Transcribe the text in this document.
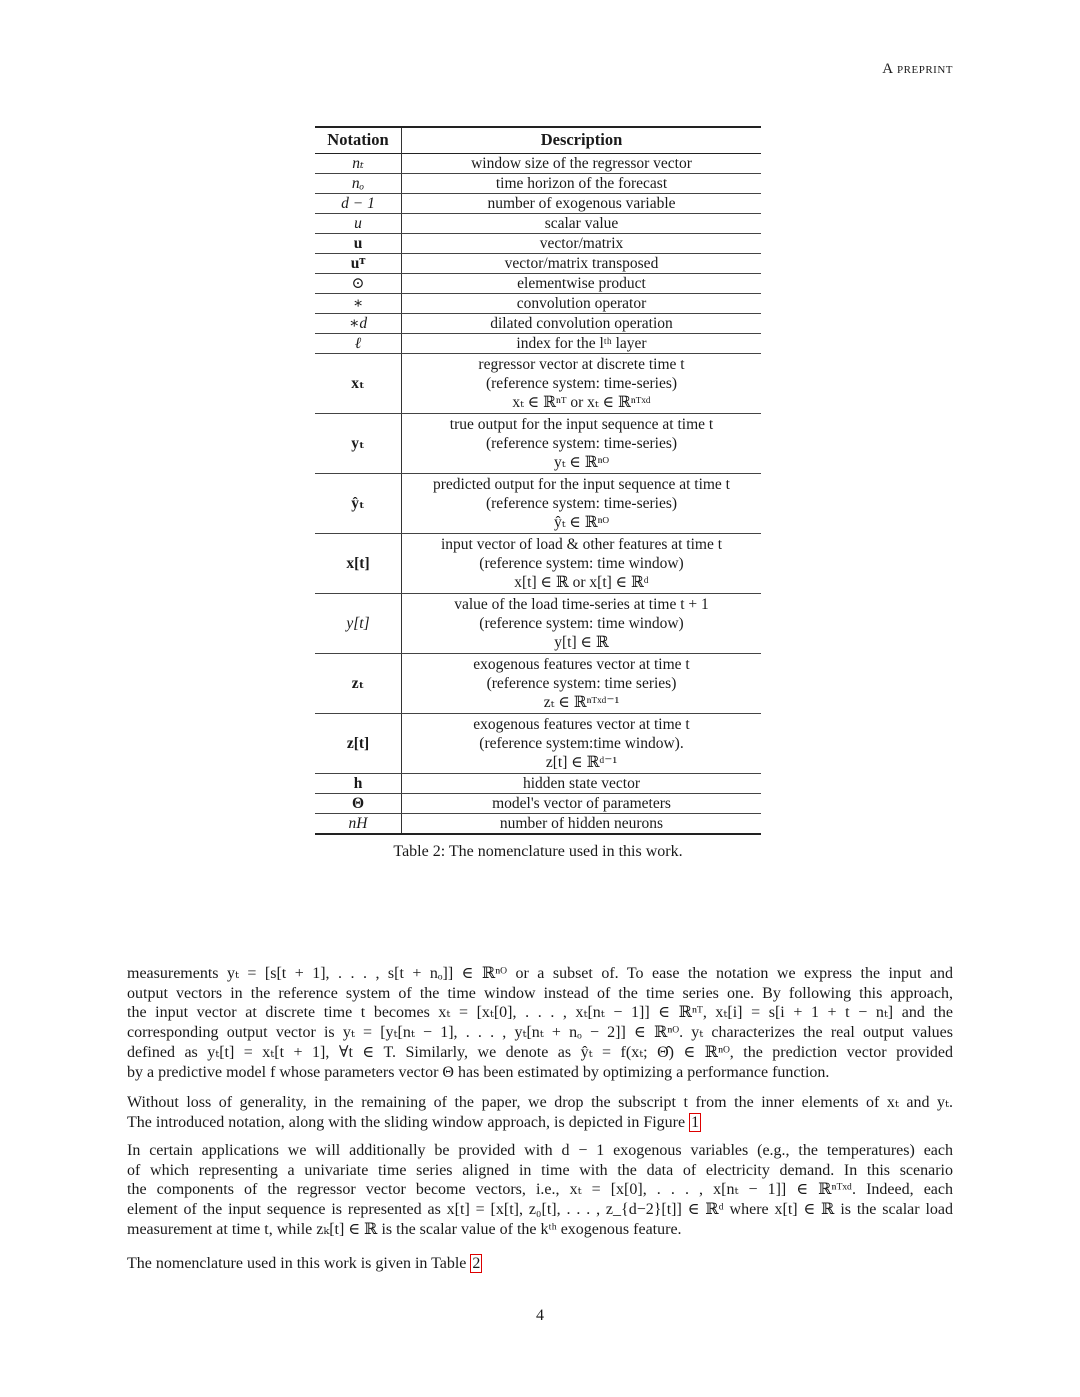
A preprint
Notation	Description
nₜ	window size of the regressor vector

nₒ	time horizon of the forecast

d − 1	number of exogenous variable

u	scalar value

u	vector/matrix

uᵀ	vector/matrix transposed

⊙	elementwise product

∗	convolution operator

∗d	dilated convolution operation

ℓ	index for the lᵗʰ layer

xₜ	regressor vector at discrete time t
(reference system: time-series)
xₜ ∈ ℝⁿᵀ or xₜ ∈ ℝⁿᵀˣᵈ

yₜ	true output for the input sequence at time t
(reference system: time-series)
yₜ ∈ ℝⁿᴼ

ŷₜ	predicted output for the input sequence at time t
(reference system: time-series)
ŷₜ ∈ ℝⁿᴼ

x[t]	input vector of load & other features at time t
(reference system: time window)
x[t] ∈ ℝ or x[t] ∈ ℝᵈ

y[t]	value of the load time-series at time t + 1
(reference system: time window)
y[t] ∈ ℝ

zₜ	exogenous features vector at time t
(reference system: time series)
zₜ ∈ ℝⁿᵀˣᵈ⁻¹

z[t]	exogenous features vector at time t
(reference system:time window).
z[t] ∈ ℝᵈ⁻¹

h	hidden state vector

Θ	model's vector of parameters

nH	number of hidden neurons
Table 2: The nomenclature used in this work.
measurements yₜ = [s[t + 1], . . . , s[t + nₒ]] ∈ ℝⁿᴼ or a subset of. To ease the notation we express the input and
output vectors in the reference system of the time window instead of the time series one. By following this approach,
the input vector at discrete time t becomes xₜ = [xₜ[0], . . . , xₜ[nₜ − 1]] ∈ ℝⁿᵀ, xₜ[i] = s[i + 1 + t − nₜ] and the
corresponding output vector is yₜ = [yₜ[nₜ − 1], . . . , yₜ[nₜ + nₒ − 2]] ∈ ℝⁿᴼ. yₜ characterizes the real output values
defined as yₜ[t] = xₜ[t + 1], ∀t ∈ T. Similarly, we denote as ŷₜ = f(xₜ; Θ̂) ∈ ℝⁿᴼ, the prediction vector provided
by a predictive model f whose parameters vector Θ has been estimated by optimizing a performance function.
Without loss of generality, in the remaining of the paper, we drop the subscript t from the inner elements of xₜ and yₜ.
The introduced notation, along with the sliding window approach, is depicted in Figure 1
In certain applications we will additionally be provided with d − 1 exogenous variables (e.g., the temperatures) each
of which representing a univariate time series aligned in time with the data of electricity demand. In this scenario
the components of the regressor vector become vectors, i.e., xₜ = [x[0], . . . , x[nₜ − 1]] ∈ ℝⁿᵀˣᵈ. Indeed, each
element of the input sequence is represented as x[t] = [x[t], z₀[t], . . . , z_{d−2}[t]] ∈ ℝᵈ where x[t] ∈ ℝ is the scalar load
measurement at time t, while zₖ[t] ∈ ℝ is the scalar value of the kᵗʰ exogenous feature.
The nomenclature used in this work is given in Table 2
4
